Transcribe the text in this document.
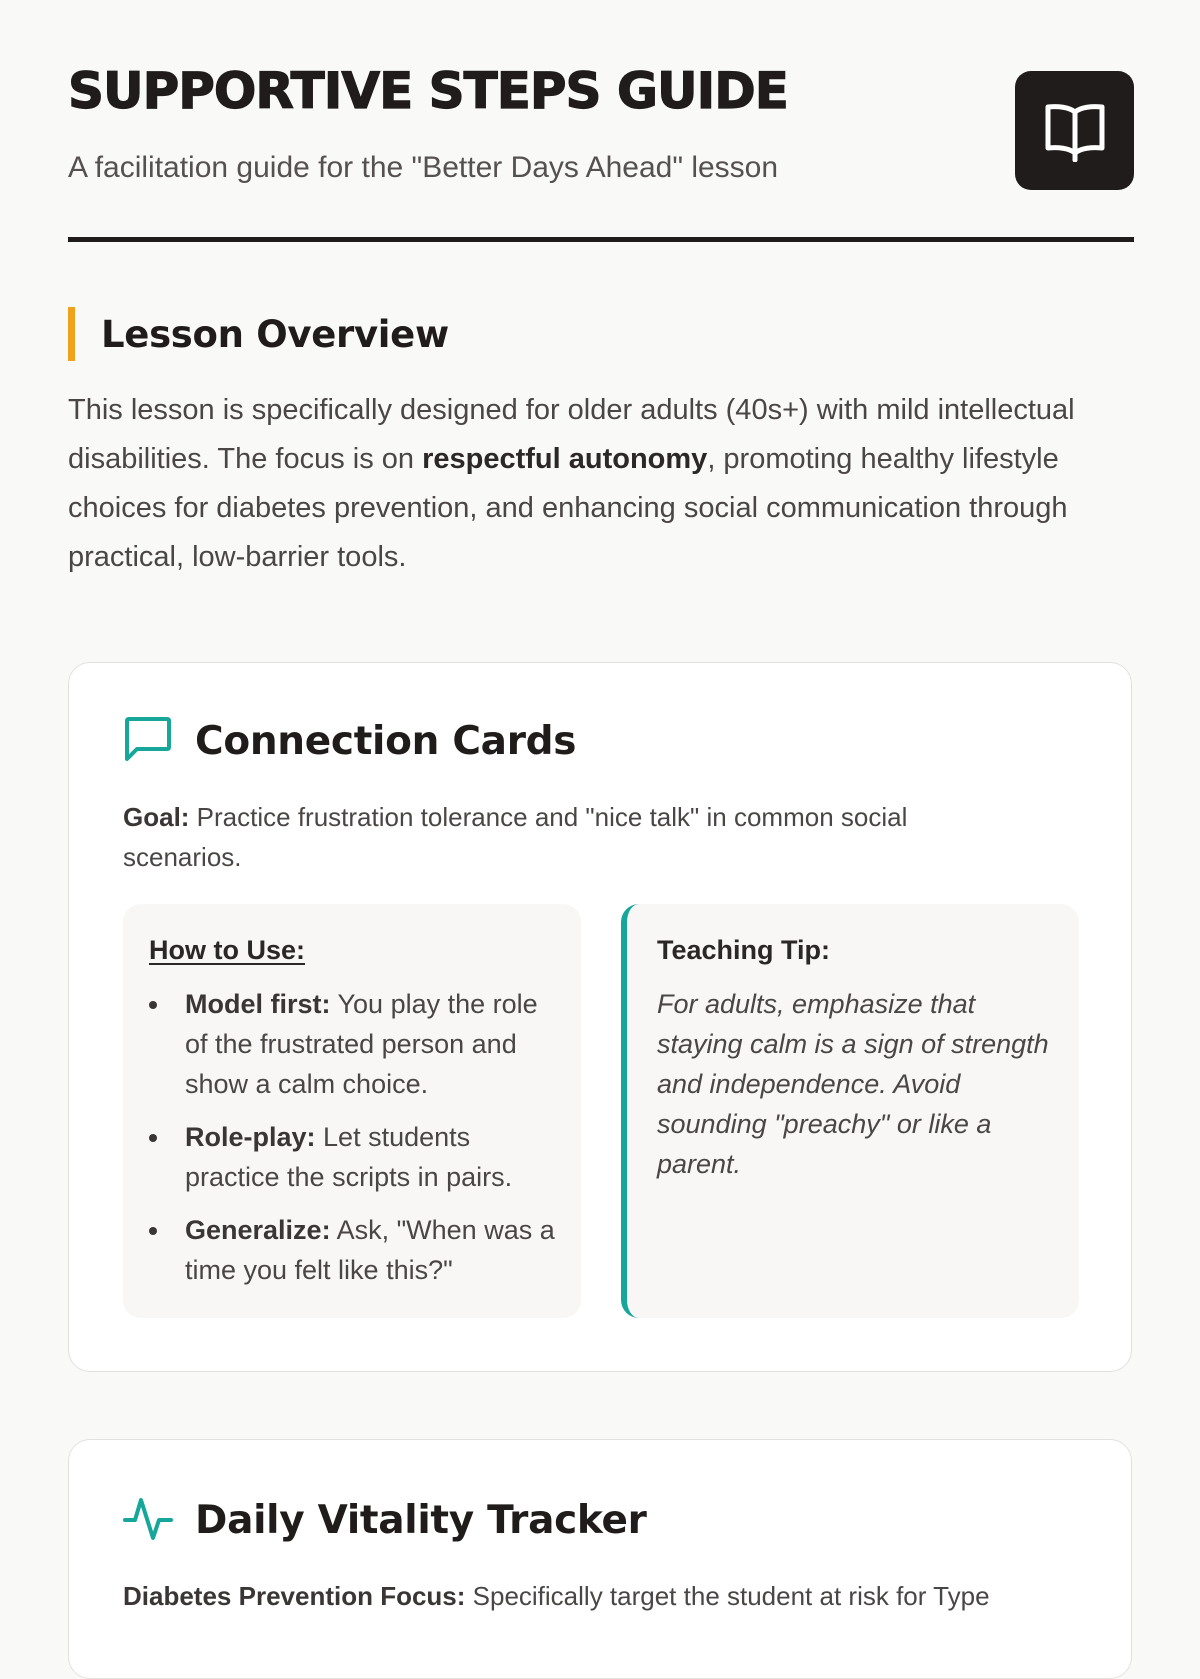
SUPPORTIVE STEPS GUIDE

A facilitation guide for the "Better Days Ahead" lesson

Lesson Overview

This lesson is specifically designed for older adults (40s+) with mild intellectual disabilities. The focus is on respectful autonomy, promoting healthy lifestyle choices for diabetes prevention, and enhancing social communication through practical, low-barrier tools.

Connection Cards

Goal: Practice frustration tolerance and "nice talk" in common social scenarios.

How to Use:

Model first: You play the role of the frustrated person and show a calm choice.
Role-play: Let students practice the scripts in pairs.
Generalize: Ask, "When was a time you felt like this?"

Teaching Tip:

For adults, emphasize that staying calm is a sign of strength and independence. Avoid sounding "preachy" or like a parent.

Daily Vitality Tracker

Diabetes Prevention Focus: Specifically target the student at risk for Type
